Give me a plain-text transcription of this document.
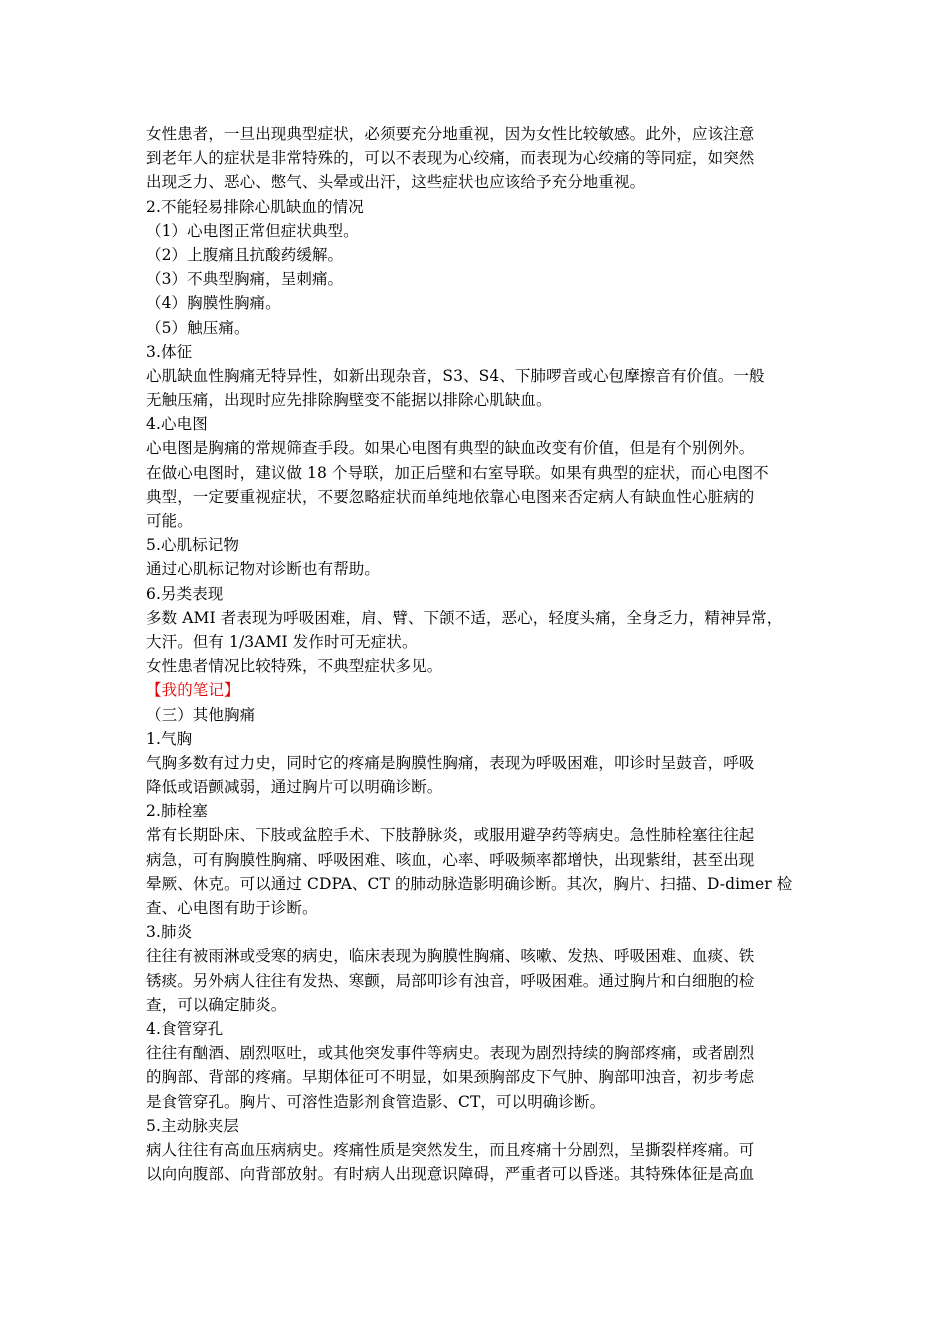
女性患者，一旦出现典型症状，必须要充分地重视，因为女性比较敏感。此外，应该注意
到老年人的症状是非常特殊的，可以不表现为心绞痛，而表现为心绞痛的等同症，如突然
出现乏力、恶心、憋气、头晕或出汗，这些症状也应该给予充分地重视。
2.不能轻易排除心肌缺血的情况
（1）心电图正常但症状典型。
（2）上腹痛且抗酸药缓解。
（3）不典型胸痛，呈刺痛。
（4）胸膜性胸痛。
（5）触压痛。
3.体征
心肌缺血性胸痛无特异性，如新出现杂音，S3、S4、下肺啰音或心包摩擦音有价值。一般
无触压痛，出现时应先排除胸壁变不能据以排除心肌缺血。
4.心电图
心电图是胸痛的常规筛查手段。如果心电图有典型的缺血改变有价值，但是有个别例外。
在做心电图时，建议做 18 个导联，加正后壁和右室导联。如果有典型的症状，而心电图不
典型，一定要重视症状，不要忽略症状而单纯地依靠心电图来否定病人有缺血性心脏病的
可能。
5.心肌标记物
通过心肌标记物对诊断也有帮助。
6.另类表现
多数 AMI 者表现为呼吸困难，肩、臂、下颌不适，恶心，轻度头痛，全身乏力，精神异常，
大汗。但有 1/3AMI 发作时可无症状。
女性患者情况比较特殊，不典型症状多见。
【我的笔记】
（三）其他胸痛
1.气胸
气胸多数有过力史，同时它的疼痛是胸膜性胸痛，表现为呼吸困难，叩诊时呈鼓音，呼吸
降低或语颤减弱，通过胸片可以明确诊断。
2.肺栓塞
常有长期卧床、下肢或盆腔手术、下肢静脉炎，或服用避孕药等病史。急性肺栓塞往往起
病急，可有胸膜性胸痛、呼吸困难、咳血，心率、呼吸频率都增快，出现紫绀，甚至出现
晕厥、休克。可以通过 CDPA、CT 的肺动脉造影明确诊断。其次，胸片、扫描、D-dimer 检
查、心电图有助于诊断。
3.肺炎
往往有被雨淋或受寒的病史，临床表现为胸膜性胸痛、咳嗽、发热、呼吸困难、血痰、铁
锈痰。另外病人往往有发热、寒颤，局部叩诊有浊音，呼吸困难。通过胸片和白细胞的检
查，可以确定肺炎。
4.食管穿孔
往往有酗酒、剧烈呕吐，或其他突发事件等病史。表现为剧烈持续的胸部疼痛，或者剧烈
的胸部、背部的疼痛。早期体征可不明显，如果颈胸部皮下气肿、胸部叩浊音，初步考虑
是食管穿孔。胸片、可溶性造影剂食管造影、CT，可以明确诊断。
5.主动脉夹层
病人往往有高血压病病史。疼痛性质是突然发生，而且疼痛十分剧烈，呈撕裂样疼痛。可
以向向腹部、向背部放射。有时病人出现意识障碍，严重者可以昏迷。其特殊体征是高血
